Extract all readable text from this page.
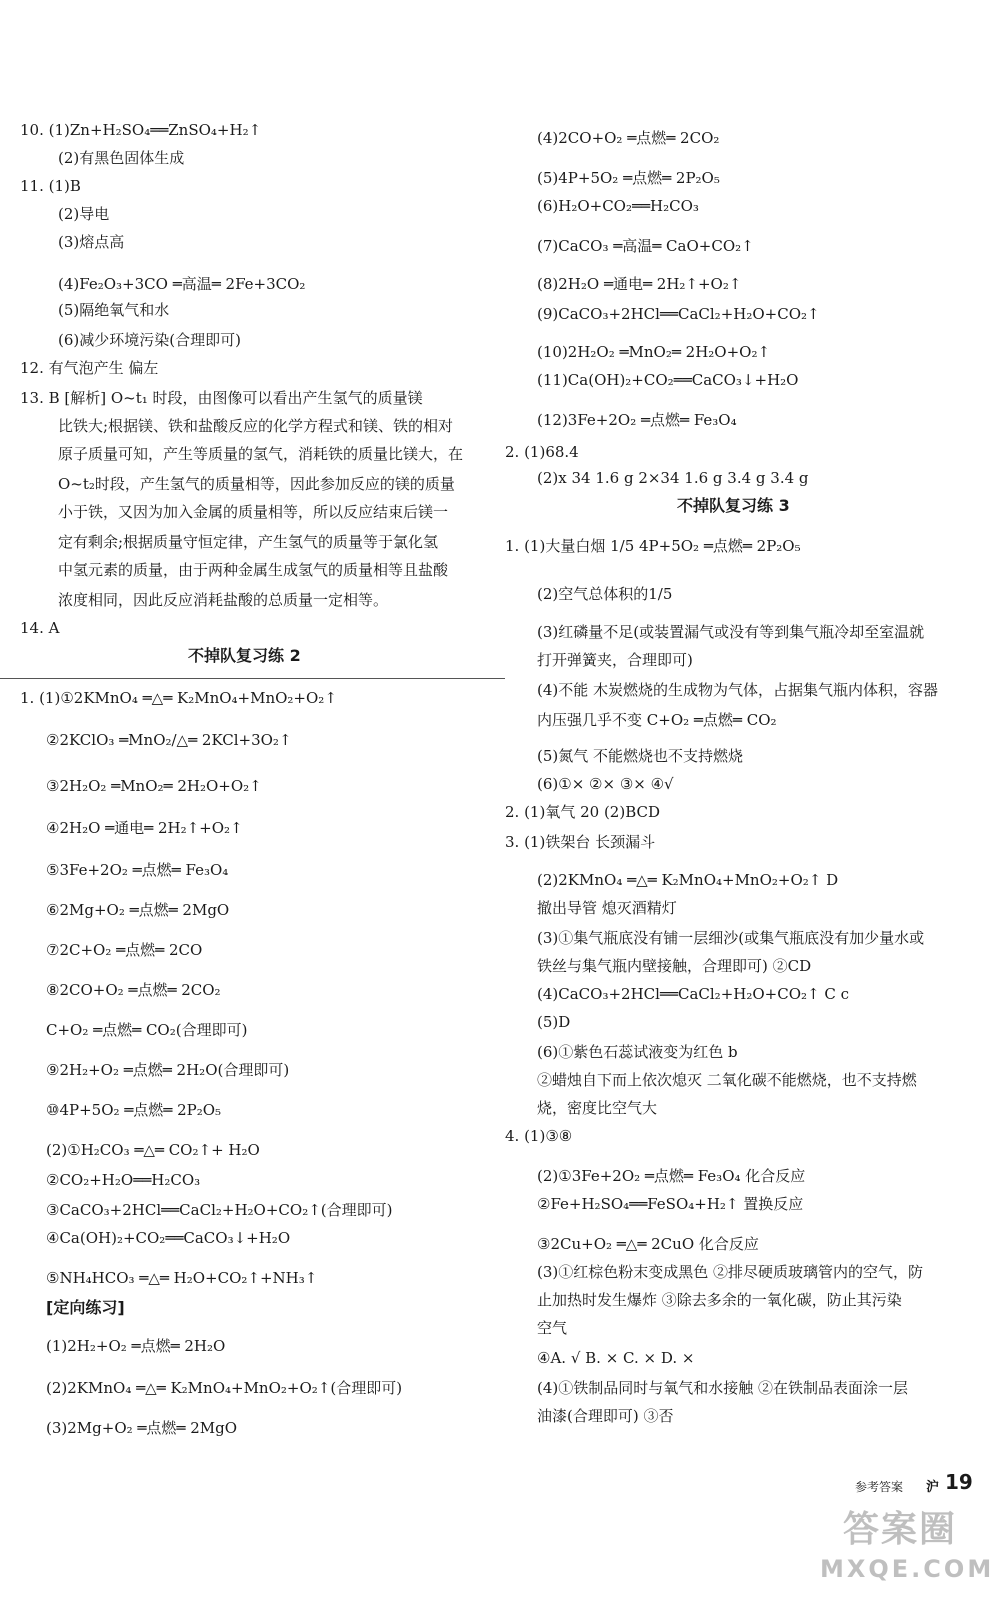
10. (1)Zn+H₂SO₄══ZnSO₄+H₂↑
(2)有黑色固体生成
11. (1)B
(2)导电
(3)熔点高
(4)Fe₂O₃+3CO ═高温═ 2Fe+3CO₂
(5)隔绝氧气和水
(6)减少环境污染(合理即可)
12. 有气泡产生 偏左
13. B [解析] O~t₁ 时段，由图像可以看出产生氢气的质量镁
比铁大;根据镁、铁和盐酸反应的化学方程式和镁、铁的相对
原子质量可知，产生等质量的氢气，消耗铁的质量比镁大，在
O~t₂时段，产生氢气的质量相等，因此参加反应的镁的质量
小于铁，又因为加入金属的质量相等，所以反应结束后镁一
定有剩余;根据质量守恒定律，产生氢气的质量等于氯化氢
中氢元素的质量，由于两种金属生成氢气的质量相等且盐酸
浓度相同，因此反应消耗盐酸的总质量一定相等。
14. A
不掉队复习练 2
1. (1)①2KMnO₄ ═△═ K₂MnO₄+MnO₂+O₂↑
②2KClO₃ ═MnO₂/△═ 2KCl+3O₂↑
③2H₂O₂ ═MnO₂═ 2H₂O+O₂↑
④2H₂O ═通电═ 2H₂↑+O₂↑
⑤3Fe+2O₂ ═点燃═ Fe₃O₄
⑥2Mg+O₂ ═点燃═ 2MgO
⑦2C+O₂ ═点燃═ 2CO
⑧2CO+O₂ ═点燃═ 2CO₂
C+O₂ ═点燃═ CO₂(合理即可)
⑨2H₂+O₂ ═点燃═ 2H₂O(合理即可)
⑩4P+5O₂ ═点燃═ 2P₂O₅
(2)①H₂CO₃ ═△═ CO₂↑+ H₂O
②CO₂+H₂O══H₂CO₃
③CaCO₃+2HCl══CaCl₂+H₂O+CO₂↑(合理即可)
④Ca(OH)₂+CO₂══CaCO₃↓+H₂O
⑤NH₄HCO₃ ═△═ H₂O+CO₂↑+NH₃↑
[定向练习]
(1)2H₂+O₂ ═点燃═ 2H₂O
(2)2KMnO₄ ═△═ K₂MnO₄+MnO₂+O₂↑(合理即可)
(3)2Mg+O₂ ═点燃═ 2MgO
(4)2CO+O₂ ═点燃═ 2CO₂
(5)4P+5O₂ ═点燃═ 2P₂O₅
(6)H₂O+CO₂══H₂CO₃
(7)CaCO₃ ═高温═ CaO+CO₂↑
(8)2H₂O ═通电═ 2H₂↑+O₂↑
(9)CaCO₃+2HCl══CaCl₂+H₂O+CO₂↑
(10)2H₂O₂ ═MnO₂═ 2H₂O+O₂↑
(11)Ca(OH)₂+CO₂══CaCO₃↓+H₂O
(12)3Fe+2O₂ ═点燃═ Fe₃O₄
2. (1)68.4
(2)x 34 1.6 g 2×34 1.6 g 3.4 g 3.4 g
不掉队复习练 3
1. (1)大量白烟 1/5 4P+5O₂ ═点燃═ 2P₂O₅
(2)空气总体积的1/5
(3)红磷量不足(或装置漏气或没有等到集气瓶冷却至室温就
打开弹簧夹，合理即可)
(4)不能 木炭燃烧的生成物为气体，占据集气瓶内体积，容器
内压强几乎不变 C+O₂ ═点燃═ CO₂
(5)氮气 不能燃烧也不支持燃烧
(6)①× ②× ③× ④√
2. (1)氧气 20 (2)BCD
3. (1)铁架台 长颈漏斗
(2)2KMnO₄ ═△═ K₂MnO₄+MnO₂+O₂↑ D
撤出导管 熄灭酒精灯
(3)①集气瓶底没有铺一层细沙(或集气瓶底没有加少量水或
铁丝与集气瓶内壁接触，合理即可) ②CD
(4)CaCO₃+2HCl══CaCl₂+H₂O+CO₂↑ C c
(5)D
(6)①紫色石蕊试液变为红色 b
②蜡烛自下而上依次熄灭 二氧化碳不能燃烧，也不支持燃
烧，密度比空气大
4. (1)③⑧
(2)①3Fe+2O₂ ═点燃═ Fe₃O₄ 化合反应
②Fe+H₂SO₄══FeSO₄+H₂↑ 置换反应
③2Cu+O₂ ═△═ 2CuO 化合反应
(3)①红棕色粉末变成黑色 ②排尽硬质玻璃管内的空气，防
止加热时发生爆炸 ③除去多余的一氧化碳，防止其污染
空气
④A. √ B. × C. × D. ×
(4)①铁制品同时与氧气和水接触 ②在铁制品表面涂一层
油漆(合理即可) ③否
参考答案 沪 19
答案圈
MXQE.COM
